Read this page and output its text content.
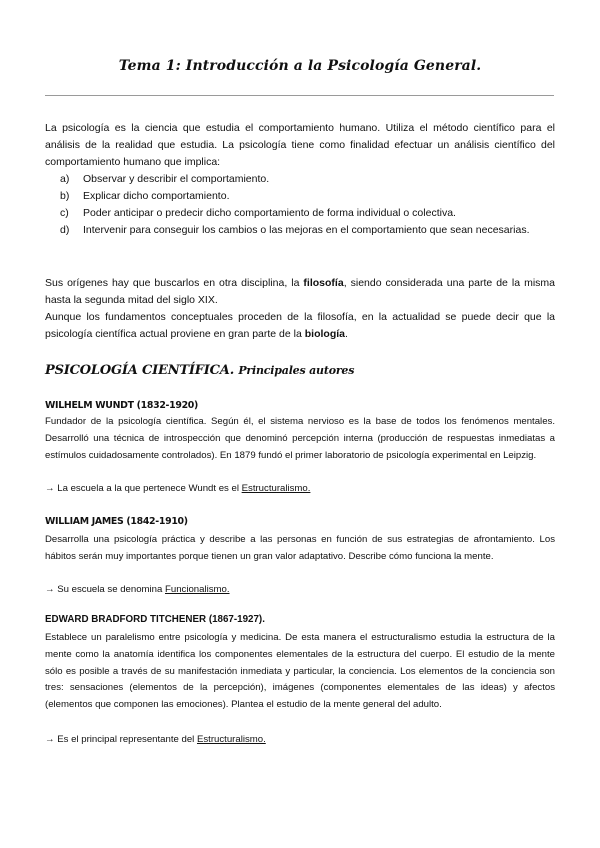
Tema 1: Introducción a la Psicología General.
La psicología es la ciencia que estudia el comportamiento humano. Utiliza el método científico para el análisis de la realidad que estudia. La psicología tiene como finalidad efectuar un análisis científico del comportamiento humano que implica:
a) Observar y describir el comportamiento.
b) Explicar dicho comportamiento.
c) Poder anticipar o predecir dicho comportamiento de forma individual o colectiva.
d) Intervenir para conseguir los cambios o las mejoras en el comportamiento que sean necesarias.
Sus orígenes hay que buscarlos en otra disciplina, la filosofía, siendo considerada una parte de la misma hasta la segunda mitad del siglo XIX.
Aunque los fundamentos conceptuales proceden de la filosofía, en la actualidad se puede decir que la psicología científica actual proviene en gran parte de la biología.
PSICOLOGÍA CIENTÍFICA. Principales autores
WILHELM WUNDT (1832-1920)
Fundador de la psicología científica. Según él, el sistema nervioso es la base de todos los fenómenos mentales. Desarrolló una técnica de introspección que denominó percepción interna (producción de respuestas inmediatas a estímulos cuidadosamente controlados). En 1879 fundó el primer laboratorio de psicología experimental en Leipzig.
→ La escuela a la que pertenece Wundt es el Estructuralismo.
WILLIAM JAMES (1842-1910)
Desarrolla una psicología práctica y describe a las personas en función de sus estrategias de afrontamiento. Los hábitos serán muy importantes porque tienen un gran valor adaptativo. Describe cómo funciona la mente.
→ Su escuela se denomina Funcionalismo.
EDWARD BRADFORD TITCHENER (1867-1927).
Establece un paralelismo entre psicología y medicina. De esta manera el estructuralismo estudia la estructura de la mente como la anatomía identifica los componentes elementales de la estructura del cuerpo. El estudio de la mente sólo es posible a través de su manifestación inmediata y particular, la conciencia. Los elementos de la conciencia son tres: sensaciones (elementos de la percepción), imágenes (componentes elementales de las ideas) y afectos (elementos que componen las emociones). Plantea el estudio de la mente general del adulto.
→ Es el principal representante del Estructuralismo.
